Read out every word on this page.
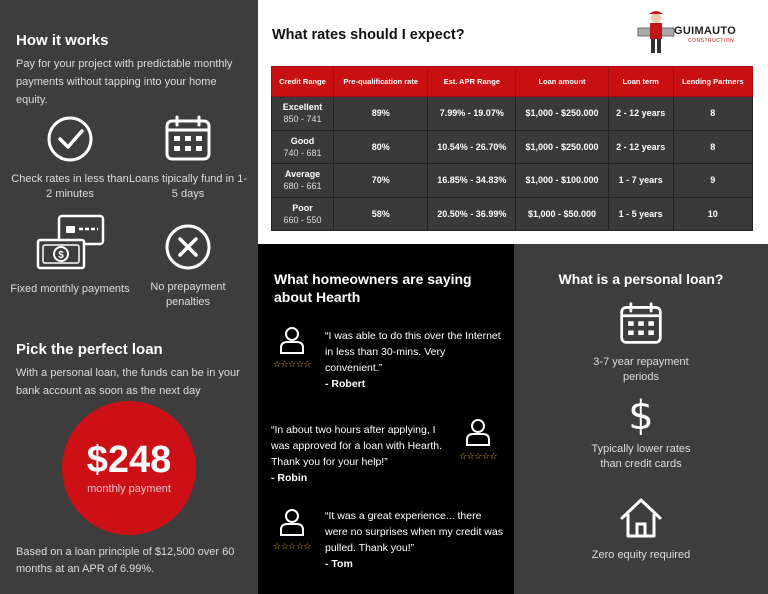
How it works
Pay for your project with predictable monthly payments without tapping into your home equity.
Check rates in less than 2 minutes
Loans tipically fund in 1-5 days
$
Fixed monthly payments	No prepayment penalties
Pick the perfect loan
With a personal loan, the funds can be in your bank account as soon as the next day
$248
monthly payment
Based on a loan principle of $12,500 over 60 months at an APR of 6.99%.
What rates should I expect?	GUIMAUTO
CONSTRUCTION
Credit Range	Pre-qualification rate	Est. APR Range	Loan amount	Loan term	Lending Partners

Excellent
850 - 741	89%	7.99% - 19.07%	$1,000 - $250.000	2 - 12 years	8

Good
740 - 681	80%	10.54% - 26.70%	$1,000 - $250.000	2 - 12 years	8

Average
680 - 661	70%	16.85% - 34.83%	$1,000 - $100.000	1 - 7 years	9

Poor
660 - 550	58%	20.50% - 36.99%	$1,000 - $50.000	1 - 5 years	10
What homeowners are saying about Hearth
☆☆☆☆☆
“I was able to do this over the Internet in less than 30-mins. Very convenient.”
- Robert
“In about two hours after applying, I was approved for a loan with Hearth. Thank you for your help!”
- Robin
☆☆☆☆☆
☆☆☆☆☆
“It was a great experience... there were no surprises when my credit was pulled. Thank you!”
- Tom
What is a personal loan?
3-7 year repayment periods
$
Typically lower rates than credit cards
Zero equity required
